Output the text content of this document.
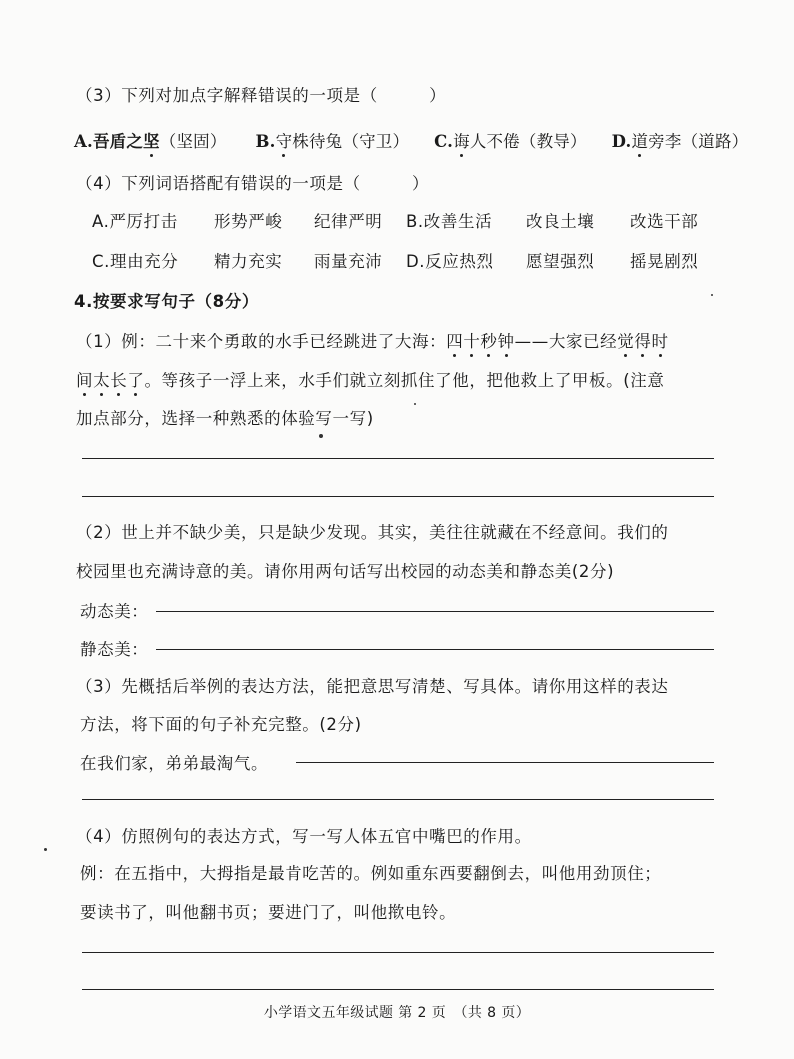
（3）下列对加点字解释错误的一项是（　　　）
A.吾盾之坚（坚固） B.守株待兔（守卫） C.诲人不倦（教导） D.道旁李（道路）
（4）下列词语搭配有错误的一项是（　　　）
A.严厉打击 形势严峻 纪律严明 B.改善生活 改良土壤 改选干部
C.理由充分 精力充实 雨量充沛 D.反应热烈 愿望强烈 摇晃剧烈
4.按要求写句子（8分）
（1）例：二十来个勇敢的水手已经跳进了大海：四十秒钟——大家已经觉得时
间太长了。等孩子一浮上来，水手们就立刻抓住了他，把他救上了甲板。(注意
加点部分，选择一种熟悉的体验写一写)
（2）世上并不缺少美，只是缺少发现。其实，美往往就藏在不经意间。我们的
校园里也充满诗意的美。请你用两句话写出校园的动态美和静态美(2分)
动态美：
静态美：
（3）先概括后举例的表达方法，能把意思写清楚、写具体。请你用这样的表达
方法，将下面的句子补充完整。(2分)
在我们家，弟弟最淘气。
（4）仿照例句的表达方式，写一写人体五官中嘴巴的作用。
例：在五指中，大拇指是最肯吃苦的。例如重东西要翻倒去，叫他用劲顶住；
要读书了，叫他翻书页；要进门了，叫他揿电铃。
小学语文五年级试题 第 2 页　（共 8 页）
